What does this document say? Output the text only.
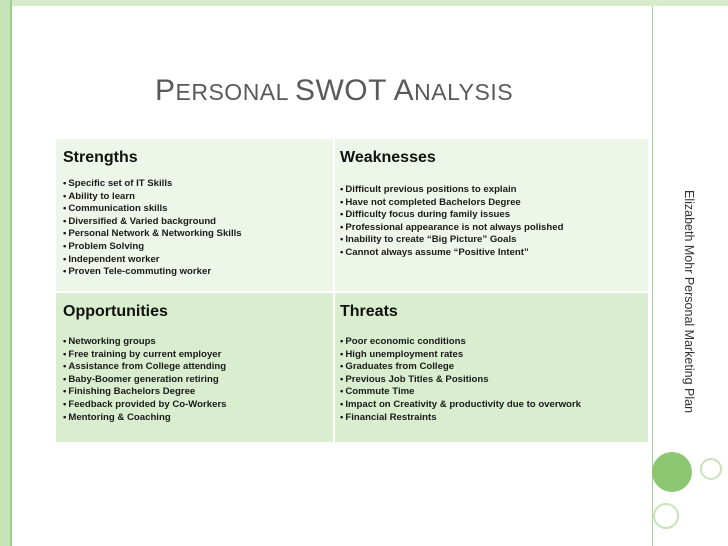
PERSONAL SWOT ANALYSIS
Elizabeth Mohr Personal Marketing Plan
Strengths
• Specific set of IT Skills
• Ability to learn
• Communication skills
• Diversified & Varied background
• Personal Network & Networking Skills
• Problem Solving
• Independent worker
• Proven Tele-commuting worker
Weaknesses
• Difficult previous positions to explain
• Have not completed Bachelors Degree
• Difficulty focus during family issues
• Professional appearance is not always polished
• Inability to create “Big Picture” Goals
• Cannot always assume “Positive Intent”
Opportunities
• Networking groups
• Free training by current employer
• Assistance from College attending
• Baby-Boomer generation retiring
• Finishing Bachelors Degree
• Feedback provided by Co-Workers
• Mentoring & Coaching
Threats
• Poor economic conditions
• High unemployment rates
• Graduates from College
• Previous Job Titles & Positions
• Commute Time
• Impact on Creativity & productivity due to overwork
• Financial Restraints
